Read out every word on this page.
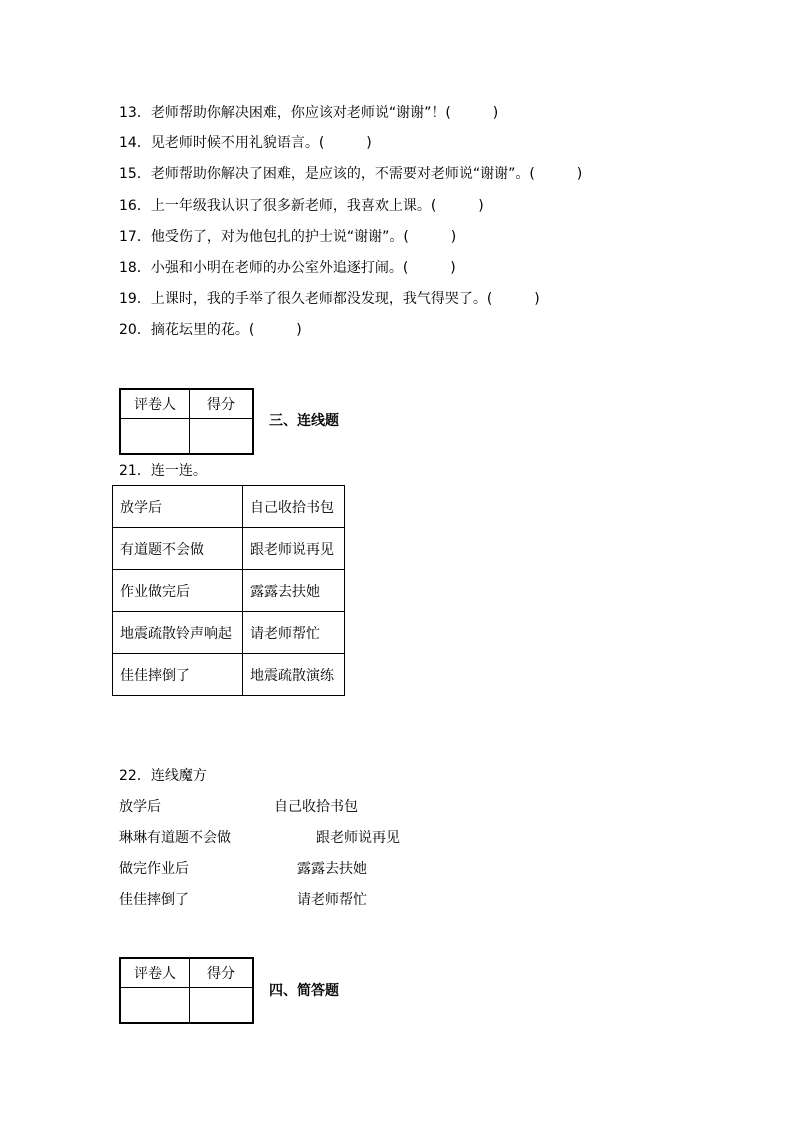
13．老师帮助你解决困难，你应该对老师说“谢谢”！(　　　)
14．见老师时候不用礼貌语言。(　　　)
15．老师帮助你解决了困难，是应该的，不需要对老师说“谢谢”。(　　　)
16．上一年级我认识了很多新老师，我喜欢上课。(　　　)
17．他受伤了，对为他包扎的护士说“谢谢”。(　　　)
18．小强和小明在老师的办公室外追逐打闹。(　　　)
19．上课时，我的手举了很久老师都没发现，我气得哭了。(　　　)
20．摘花坛里的花。(　　　)
评卷人	得分

三、连线题
21．连一连。
放学后	自己收拾书包
有道题不会做	跟老师说再见
作业做完后	露露去扶她
地震疏散铃声响起	请老师帮忙
佳佳摔倒了	地震疏散演练
22．连线魔方
放学后	自己收拾书包
琳琳有道题不会做	跟老师说再见
做完作业后	露露去扶她
佳佳摔倒了	请老师帮忙
评卷人	得分

四、简答题
